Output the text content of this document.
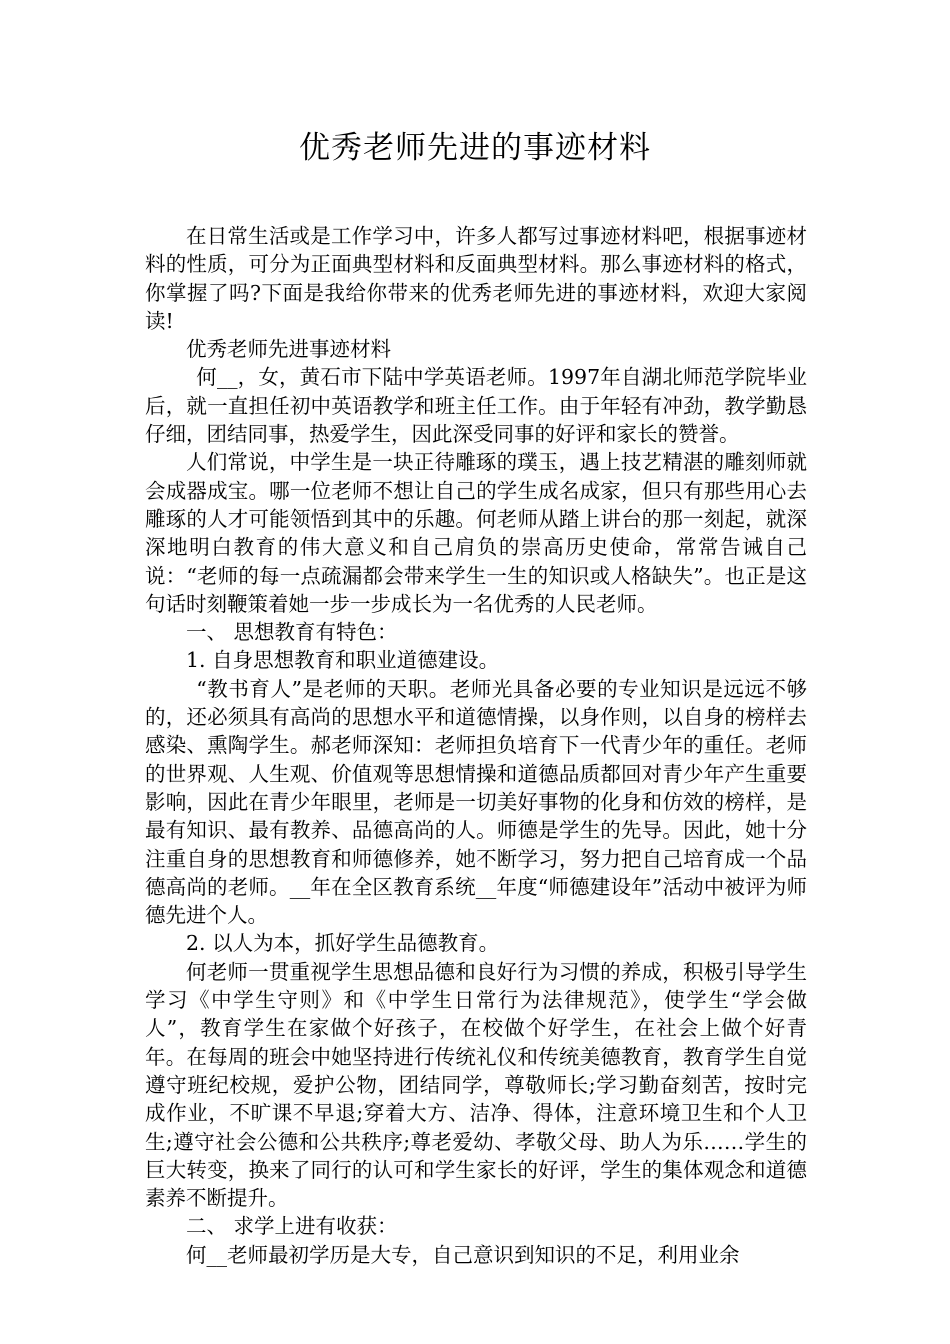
优秀老师先进的事迹材料

在日常生活或是工作学习中，许多人都写过事迹材料吧，根据事迹材料的性质，可分为正面典型材料和反面典型材料。那么事迹材料的格式，你掌握了吗?下面是我给你带来的优秀老师先进的事迹材料，欢迎大家阅读!

优秀老师先进事迹材料

何__，女，黄石市下陆中学英语老师。1997年自湖北师范学院毕业后，就一直担任初中英语教学和班主任工作。由于年轻有冲劲，教学勤恳仔细，团结同事，热爱学生，因此深受同事的好评和家长的赞誉。

人们常说，中学生是一块正待雕琢的璞玉，遇上技艺精湛的雕刻师就会成器成宝。哪一位老师不想让自己的学生成名成家，但只有那些用心去雕琢的人才可能领悟到其中的乐趣。何老师从踏上讲台的那一刻起，就深深地明白教育的伟大意义和自己肩负的崇高历史使命，常常告诫自己说：“老师的每一点疏漏都会带来学生一生的知识或人格缺失”。也正是这句话时刻鞭策着她一步一步成长为一名优秀的人民老师。

一、 思想教育有特色：

1. 自身思想教育和职业道德建设。

“教书育人”是老师的天职。老师光具备必要的专业知识是远远不够的，还必须具有高尚的思想水平和道德情操，以身作则，以自身的榜样去感染、熏陶学生。郝老师深知：老师担负培育下一代青少年的重任。老师的世界观、人生观、价值观等思想情操和道德品质都回对青少年产生重要影响，因此在青少年眼里，老师是一切美好事物的化身和仿效的榜样，是最有知识、最有教养、品德高尚的人。师德是学生的先导。因此，她十分注重自身的思想教育和师德修养，她不断学习，努力把自己培育成一个品德高尚的老师。__年在全区教育系统__年度“师德建设年”活动中被评为师德先进个人。

2. 以人为本，抓好学生品德教育。

何老师一贯重视学生思想品德和良好行为习惯的养成，积极引导学生学习《中学生守则》和《中学生日常行为法律规范》，使学生“学会做人”，教育学生在家做个好孩子，在校做个好学生，在社会上做个好青年。在每周的班会中她坚持进行传统礼仪和传统美德教育，教育学生自觉遵守班纪校规，爱护公物，团结同学，尊敬师长;学习勤奋刻苦，按时完成作业，不旷课不早退;穿着大方、洁净、得体，注意环境卫生和个人卫生;遵守社会公德和公共秩序;尊老爱幼、孝敬父母、助人为乐……学生的巨大转变，换来了同行的认可和学生家长的好评，学生的集体观念和道德素养不断提升。

二、 求学上进有收获：

何__老师最初学历是大专，自己意识到知识的不足，利用业余
